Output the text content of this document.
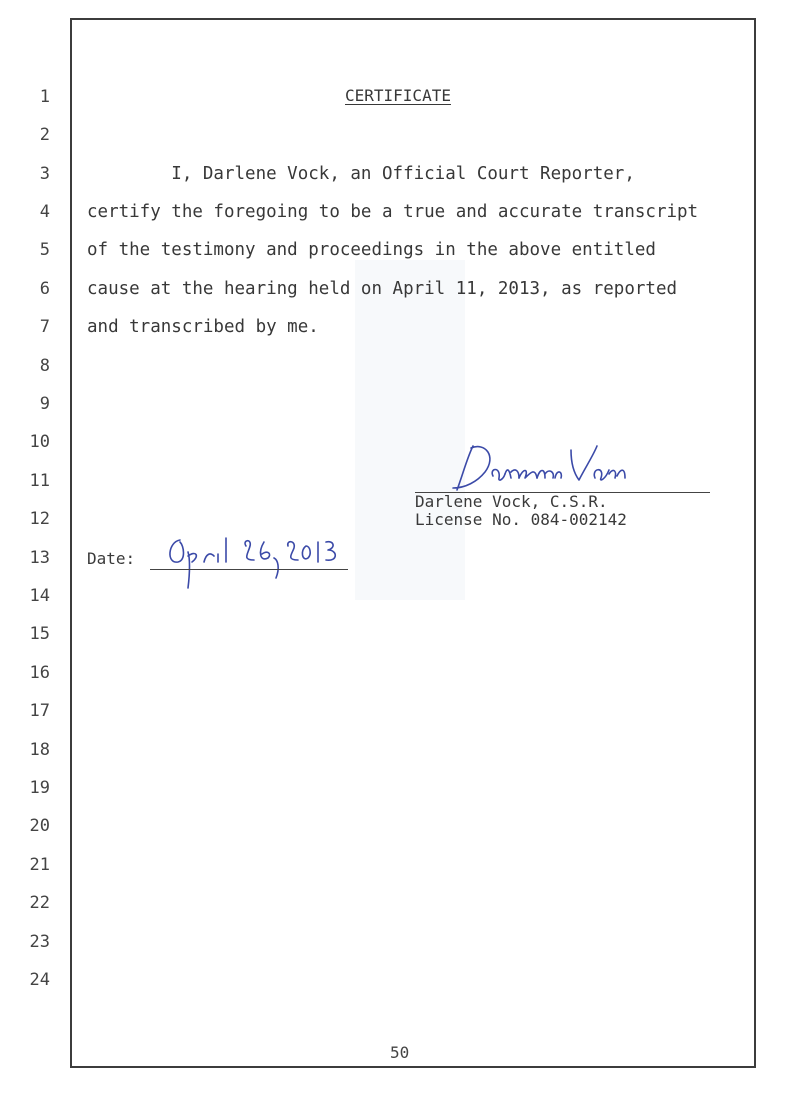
1
2
3
4
5
6
7
8
9
10
11
12
13
14
15
16
17
18
19
20
21
22
23
24
CERTIFICATE
I, Darlene Vock, an Official Court Reporter,
certify the foregoing to be a true and accurate transcript
of the testimony and proceedings in the above entitled
cause at the hearing held on April 11, 2013, as reported
and transcribed by me.
Darlene Vock, C.S.R.
License No. 084-002142
Date:
50
